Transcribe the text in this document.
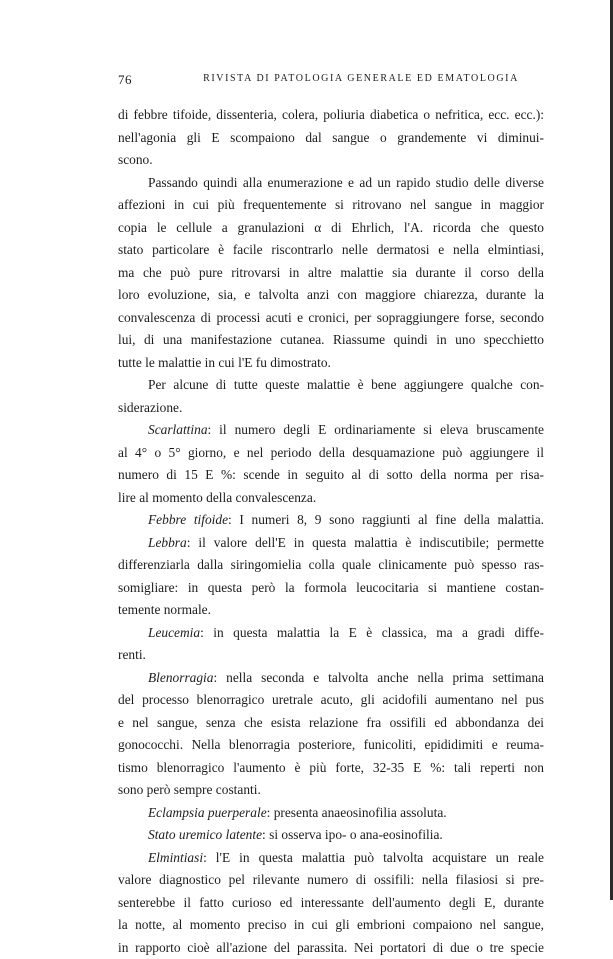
76	RIVISTA DI PATOLOGIA GENERALE ED EMATOLOGIA
di febbre tifoide, dissenteria, colera, poliuria diabetica o nefritica, ecc. ecc.):
nell'agonia gli E scompaiono dal sangue o grandemente vi diminui-
scono.
Passando quindi alla enumerazione e ad un rapido studio delle diverse
affezioni in cui più frequentemente si ritrovano nel sangue in maggior
copia le cellule a granulazioni α di Ehrlich, l'A. ricorda che questo
stato particolare è facile riscontrarlo nelle dermatosi e nella elmintiasi,
ma che può pure ritrovarsi in altre malattie sia durante il corso della
loro evoluzione, sia, e talvolta anzi con maggiore chiarezza, durante la
convalescenza di processi acuti e cronici, per sopraggiungere forse, secondo
lui, di una manifestazione cutanea. Riassume quindi in uno specchietto
tutte le malattie in cui l'E fu dimostrato.
Per alcune di tutte queste malattie è bene aggiungere qualche con-
siderazione.
Scarlattina: il numero degli E ordinariamente si eleva bruscamente
al 4° o 5° giorno, e nel periodo della desquamazione può aggiungere il
numero di 15 E %: scende in seguito al di sotto della norma per risa-
lire al momento della convalescenza.
Febbre tifoide: I numeri 8, 9 sono raggiunti al fine della malattia.
Lebbra: il valore dell'E in questa malattia è indiscutibile; permette
differenziarla dalla siringomielia colla quale clinicamente può spesso ras-
somigliare: in questa però la formola leucocitaria si mantiene costan-
temente normale.
Leucemia: in questa malattia la E è classica, ma a gradi diffe-
renti.
Blenorragia: nella seconda e talvolta anche nella prima settimana
del processo blenorragico uretrale acuto, gli acidofili aumentano nel pus
e nel sangue, senza che esista relazione fra ossifili ed abbondanza dei
gonococchi. Nella blenorragia posteriore, funicoliti, epididimiti e reuma-
tismo blenorragico l'aumento è più forte, 32-35 E %: tali reperti non
sono però sempre costanti.
Eclampsia puerperale: presenta anaeosinofilia assoluta.
Stato uremico latente: si osserva ipo- o ana-eosinofilia.
Elmintiasi: l'E in questa malattia può talvolta acquistare un reale
valore diagnostico pel rilevante numero di ossifili: nella filasiosi si pre-
senterebbe il fatto curioso ed interessante dell'aumento degli E, durante
la notte, al momento preciso in cui gli embrioni compaiono nel sangue,
in rapporto cioè all'azione del parassita. Nei portatori di due o tre specie
